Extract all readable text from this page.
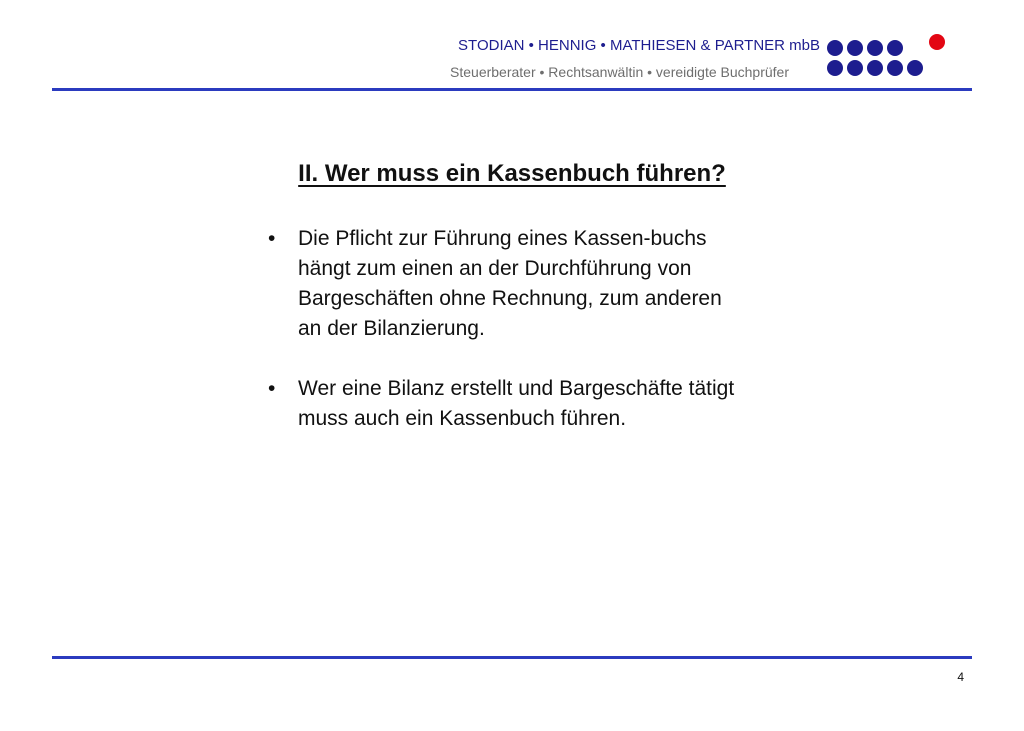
STODIAN • HENNIG • MATHIESEN & PARTNER mbB
Steuerberater • Rechtsanwältin • vereidigte Buchprüfer
II. Wer muss ein Kassenbuch führen?
• Die Pflicht zur Führung eines Kassen-buchs hängt zum einen an der Durchführung von Bargeschäften ohne Rechnung, zum anderen an der Bilanzierung.
• Wer eine Bilanz erstellt und Bargeschäfte tätigt muss auch ein Kassenbuch führen.
4
